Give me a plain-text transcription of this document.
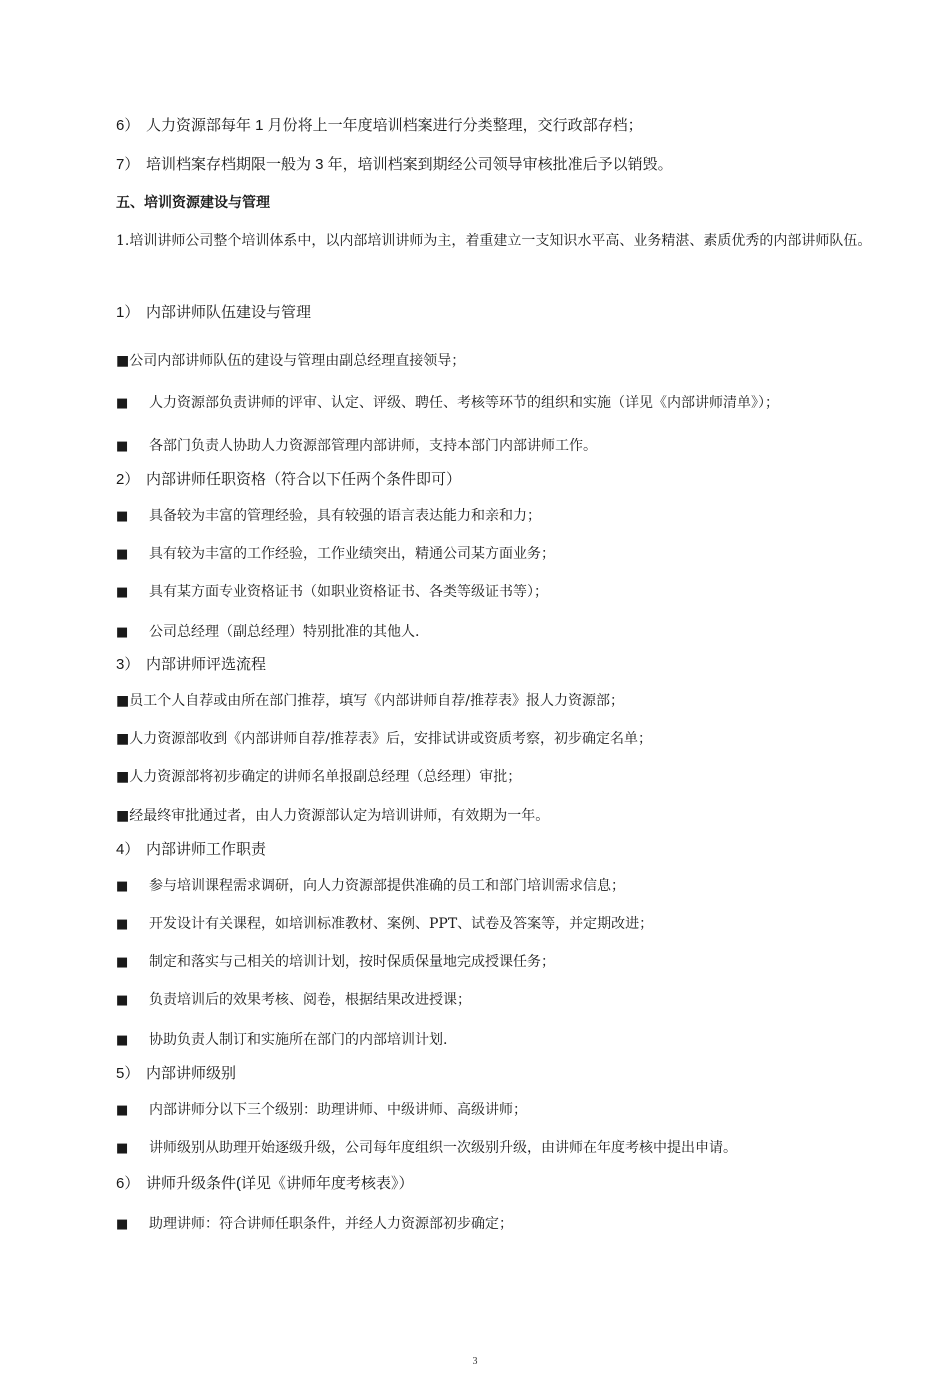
6） 人力资源部每年 1 月份将上一年度培训档案进行分类整理，交行政部存档；
7） 培训档案存档期限一般为 3 年，培训档案到期经公司领导审核批准后予以销毁。
五、培训资源建设与管理
1.培训讲师公司整个培训体系中，以内部培训讲师为主，着重建立一支知识水平高、业务精湛、素质优秀的内部讲师队伍。
1） 内部讲师队伍建设与管理
■公司内部讲师队伍的建设与管理由副总经理直接领导；
■ 人力资源部负责讲师的评审、认定、评级、聘任、考核等环节的组织和实施（详见《内部讲师清单》）；
■ 各部门负责人协助人力资源部管理内部讲师，支持本部门内部讲师工作。
2） 内部讲师任职资格（符合以下任两个条件即可）
■ 具备较为丰富的管理经验，具有较强的语言表达能力和亲和力；
■ 具有较为丰富的工作经验，工作业绩突出，精通公司某方面业务；
■ 具有某方面专业资格证书（如职业资格证书、各类等级证书等）；
■ 公司总经理（副总经理）特别批准的其他人.
3） 内部讲师评选流程
■员工个人自荐或由所在部门推荐，填写《内部讲师自荐/推荐表》报人力资源部；
■人力资源部收到《内部讲师自荐/推荐表》后，安排试讲或资质考察，初步确定名单；
■人力资源部将初步确定的讲师名单报副总经理（总经理）审批；
■经最终审批通过者，由人力资源部认定为培训讲师，有效期为一年。
4） 内部讲师工作职责
■ 参与培训课程需求调研，向人力资源部提供准确的员工和部门培训需求信息；
■ 开发设计有关课程，如培训标准教材、案例、PPT、试卷及答案等，并定期改进；
■ 制定和落实与己相关的培训计划，按时保质保量地完成授课任务；
■ 负责培训后的效果考核、阅卷，根据结果改进授课；
■ 协助负责人制订和实施所在部门的内部培训计划.
5） 内部讲师级别
■ 内部讲师分以下三个级别：助理讲师、中级讲师、高级讲师；
■ 讲师级别从助理开始逐级升级，公司每年度组织一次级别升级，由讲师在年度考核中提出申请。
6） 讲师升级条件(详见《讲师年度考核表》）
■ 助理讲师：符合讲师任职条件，并经人力资源部初步确定；
3
